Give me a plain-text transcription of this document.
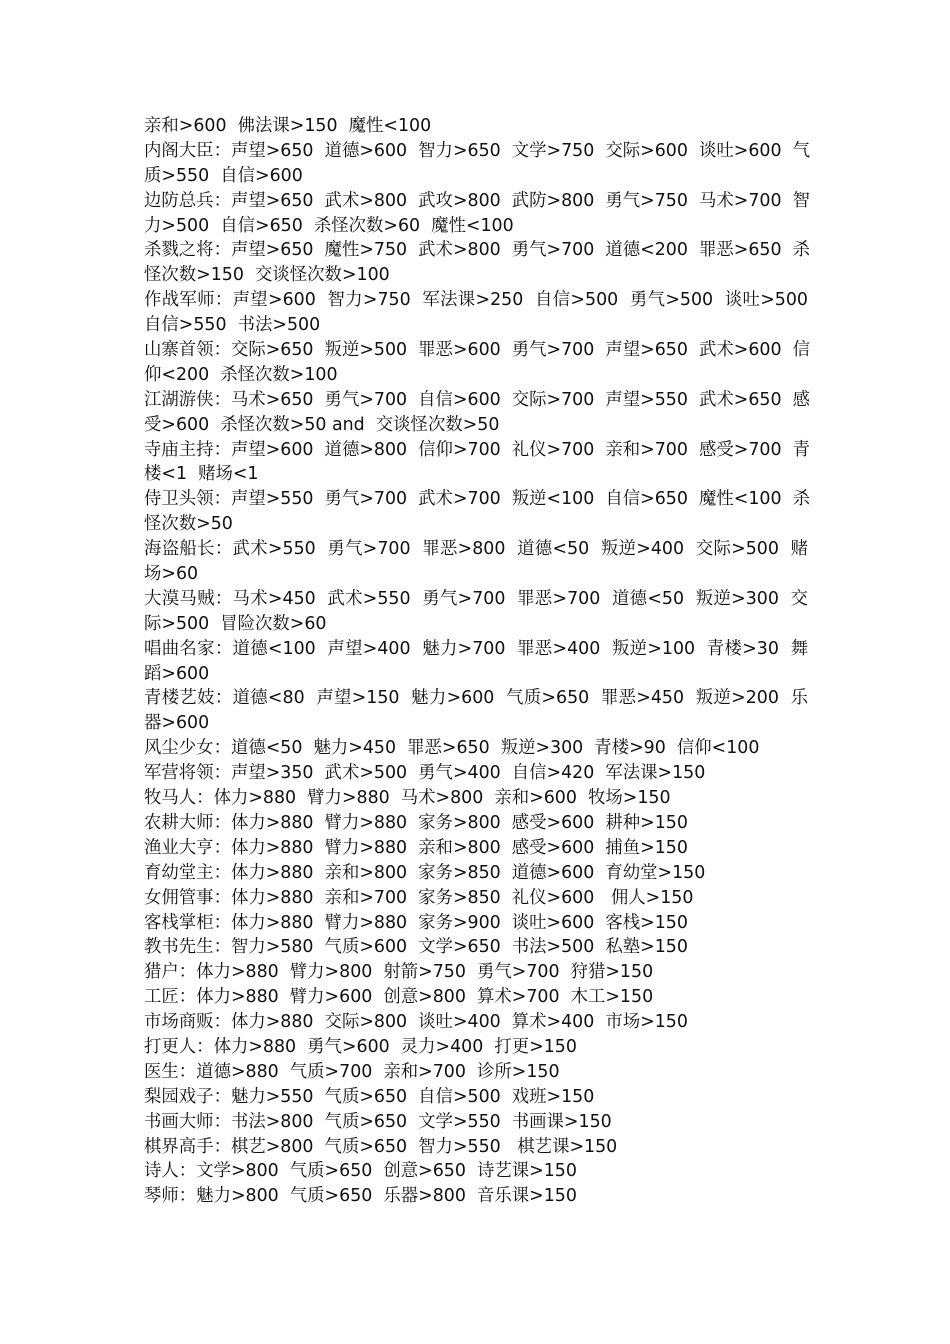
亲和>600  佛法课>150  魔性<100
内阁大臣：声望>650  道德>600  智力>650  文学>750  交际>600  谈吐>600  气
质>550  自信>600
边防总兵：声望>650  武术>800  武攻>800  武防>800  勇气>750  马术>700  智
力>500  自信>650  杀怪次数>60  魔性<100
杀戮之将：声望>650  魔性>750  武术>800  勇气>700  道德<200  罪恶>650  杀
怪次数>150  交谈怪次数>100
作战军师：声望>600  智力>750  军法课>250  自信>500  勇气>500  谈吐>500
自信>550  书法>500
山寨首领：交际>650  叛逆>500  罪恶>600  勇气>700  声望>650  武术>600  信
仰<200  杀怪次数>100
江湖游侠：马术>650  勇气>700  自信>600  交际>700  声望>550  武术>650  感
受>600  杀怪次数>50 and  交谈怪次数>50
寺庙主持：声望>600  道德>800  信仰>700  礼仪>700  亲和>700  感受>700  青
楼<1  赌场<1
侍卫头领：声望>550  勇气>700  武术>700  叛逆<100  自信>650  魔性<100  杀
怪次数>50
海盗船长：武术>550  勇气>700  罪恶>800  道德<50  叛逆>400  交际>500  赌
场>60
大漠马贼：马术>450  武术>550  勇气>700  罪恶>700  道德<50  叛逆>300  交
际>500  冒险次数>60
唱曲名家：道德<100  声望>400  魅力>700  罪恶>400  叛逆>100  青楼>30  舞
蹈>600
青楼艺妓：道德<80  声望>150  魅力>600  气质>650  罪恶>450  叛逆>200  乐
器>600
风尘少女：道德<50  魅力>450  罪恶>650  叛逆>300  青楼>90  信仰<100
军营将领：声望>350  武术>500  勇气>400  自信>420  军法课>150
牧马人：体力>880  臂力>880  马术>800  亲和>600  牧场>150
农耕大师：体力>880  臂力>880  家务>800  感受>600  耕种>150
渔业大亨：体力>880  臂力>880  亲和>800  感受>600  捕鱼>150
育幼堂主：体力>880  亲和>800  家务>850  道德>600  育幼堂>150
女佣管事：体力>880  亲和>700  家务>850  礼仪>600   佣人>150
客栈掌柜：体力>880  臂力>880  家务>900  谈吐>600  客栈>150
教书先生：智力>580  气质>600  文学>650  书法>500  私塾>150
猎户：体力>880  臂力>800  射箭>750  勇气>700  狩猎>150
工匠：体力>880  臂力>600  创意>800  算术>700  木工>150
市场商贩：体力>880  交际>800  谈吐>400  算术>400  市场>150
打更人：体力>880  勇气>600  灵力>400  打更>150
医生：道德>880  气质>700  亲和>700  诊所>150
梨园戏子：魅力>550  气质>650  自信>500  戏班>150
书画大师：书法>800  气质>650  文学>550  书画课>150
棋界高手：棋艺>800  气质>650  智力>550   棋艺课>150
诗人：文学>800  气质>650  创意>650  诗艺课>150
琴师：魅力>800  气质>650  乐器>800  音乐课>150
